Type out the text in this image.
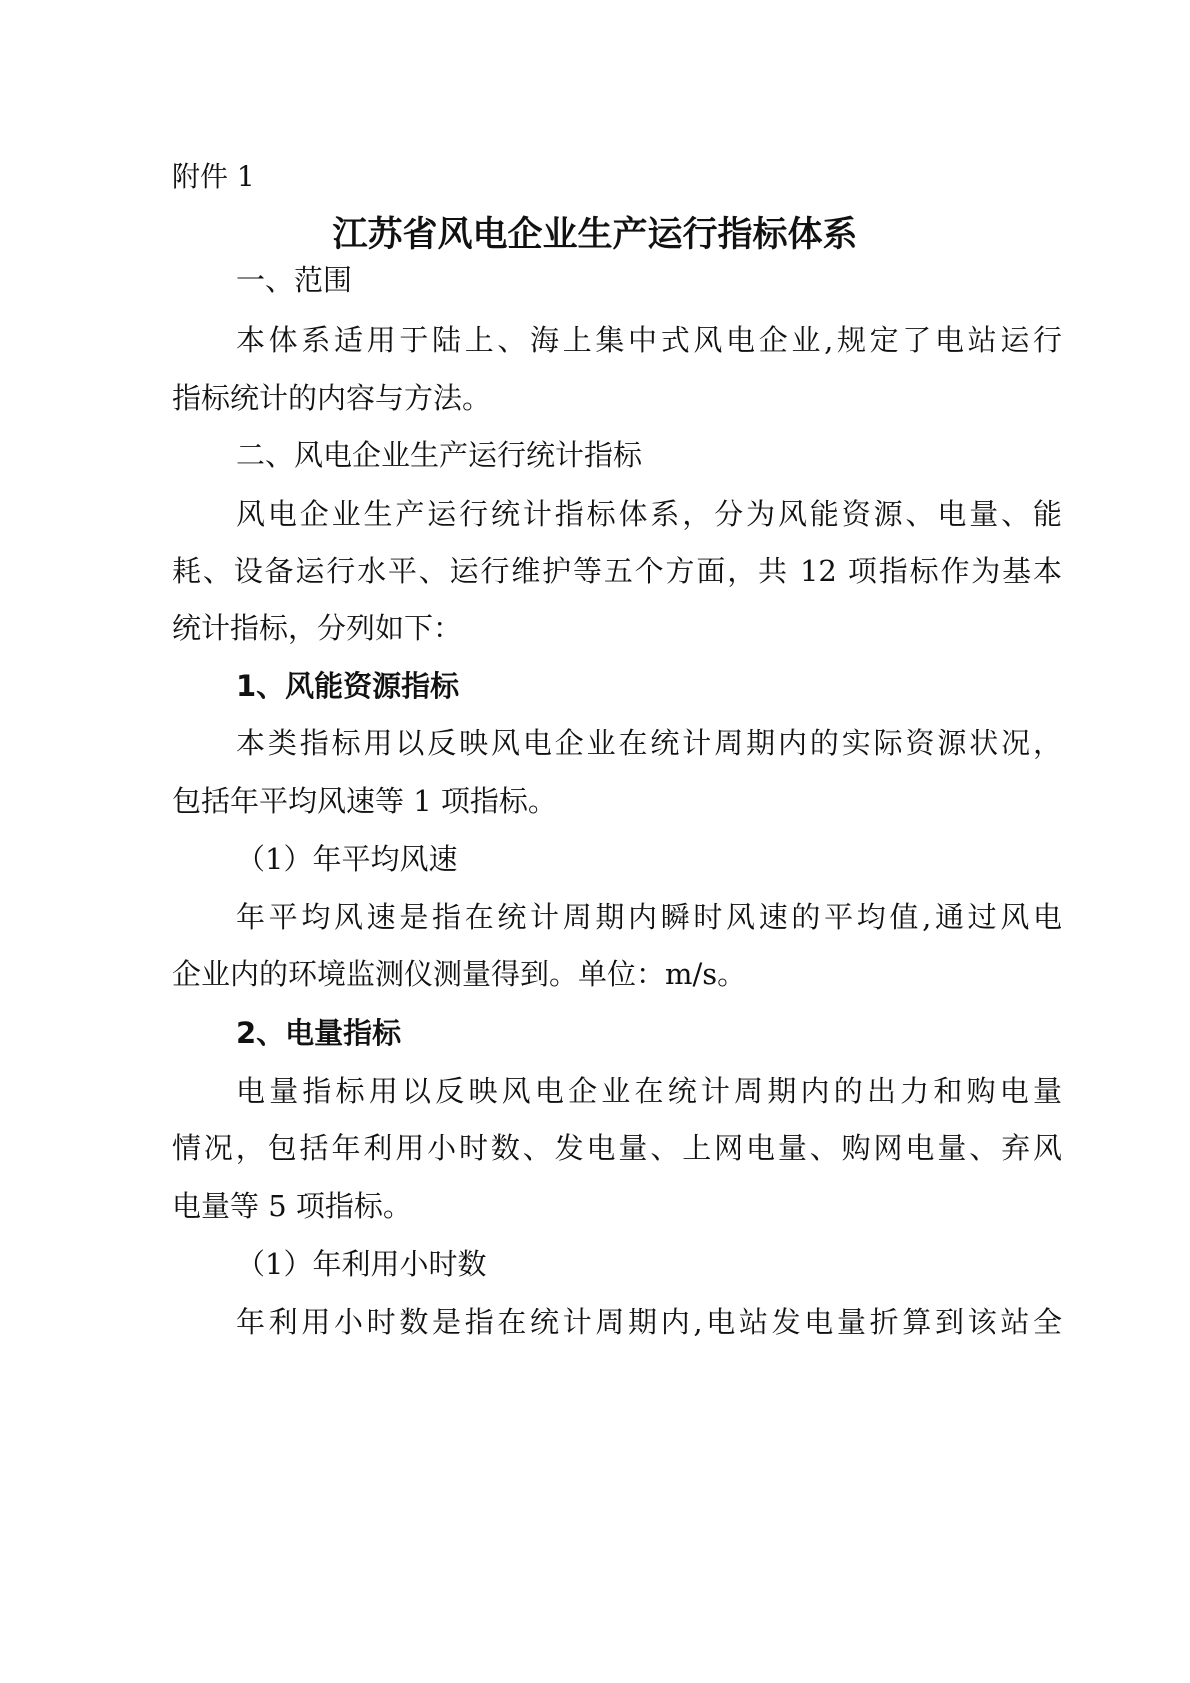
附件 1
江苏省风电企业生产运行指标体系
一、范围
本体系适用于陆上、海上集中式风电企业,规定了电站运行
指标统计的内容与方法。
二、风电企业生产运行统计指标
风电企业生产运行统计指标体系，分为风能资源、电量、能
耗、设备运行水平、运行维护等五个方面，共 12 项指标作为基本
统计指标，分列如下：
1、风能资源指标
本类指标用以反映风电企业在统计周期内的实际资源状况，
包括年平均风速等 1 项指标。
（1）年平均风速
年平均风速是指在统计周期内瞬时风速的平均值,通过风电
企业内的环境监测仪测量得到。单位：m/s。
2、电量指标
电量指标用以反映风电企业在统计周期内的出力和购电量
情况，包括年利用小时数、发电量、上网电量、购网电量、弃风
电量等 5 项指标。
（1）年利用小时数
年利用小时数是指在统计周期内,电站发电量折算到该站全
